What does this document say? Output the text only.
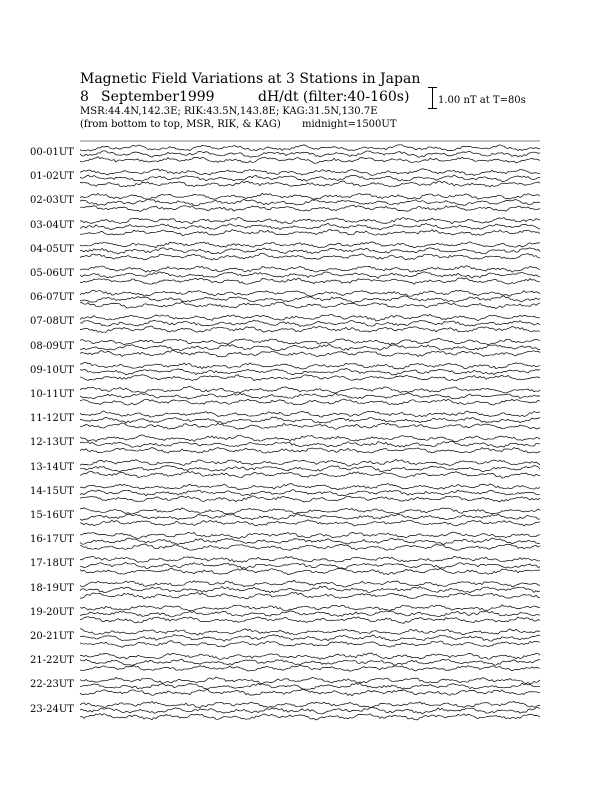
Magnetic Field Variations at 3 Stations in Japan
8 September1999	dH/dt (filter:40-160s)
MSR:44.4N,142.3E; RIK:43.5N,143.8E; KAG:31.5N,130.7E
(from bottom to top, MSR, RIK, & KAG) midnight=1500UT
1.00 nT at T=80s
00-01UT
01-02UT
02-03UT
03-04UT
04-05UT
05-06UT
06-07UT
07-08UT
08-09UT
09-10UT
10-11UT
11-12UT
12-13UT
13-14UT
14-15UT
15-16UT
16-17UT
17-18UT
18-19UT
19-20UT
20-21UT
21-22UT
22-23UT
23-24UT
